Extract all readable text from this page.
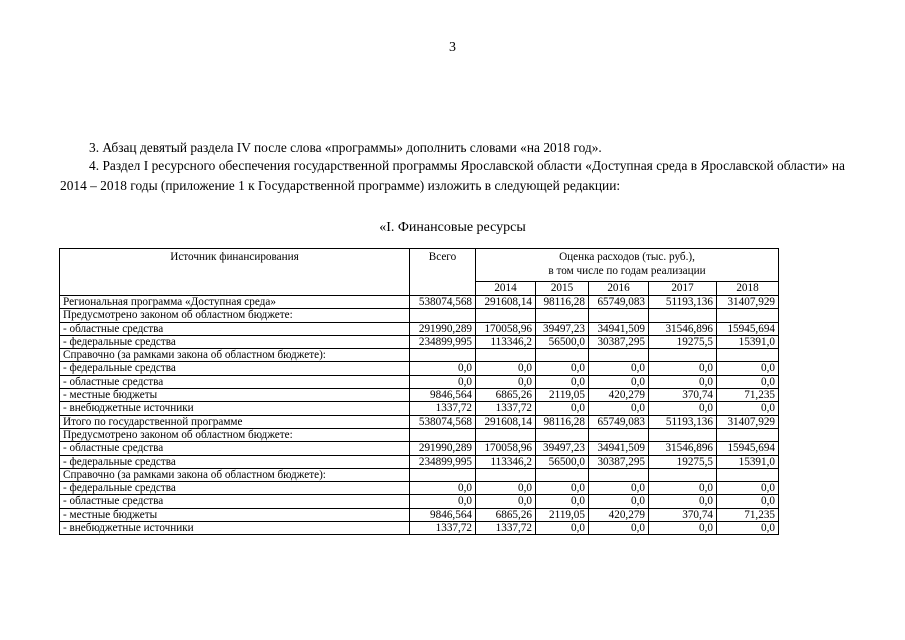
3

3. Абзац девятый раздела IV после слова «программы» дополнить словами «на 2018 год».

4. Раздел I ресурсного обеспечения государственной программы Ярославской области «Доступная среда в Ярославской области» на 2014 – 2018 годы (приложение 1 к Государственной программе) изложить в следующей редакции:

«I. Финансовые ресурсы
Источник финансирования	Всего	Оценка расходов (тыс. руб.),
в том числе по годам реализации				

		2014	2015	2016	2017	2018
Региональная программа «Доступная среда»	538074,568	291608,14	98116,28	65749,083	51193,136	31407,929
Предусмотрено законом об областном бюджете:						
- областные средства	291990,289	170058,96	39497,23	34941,509	31546,896	15945,694
- федеральные средства	234899,995	113346,2	56500,0	30387,295	19275,5	15391,0
Справочно (за рамками закона об областном бюджете):						
- федеральные средства	0,0	0,0	0,0	0,0	0,0	0,0
- областные средства	0,0	0,0	0,0	0,0	0,0	0,0
- местные бюджеты	9846,564	6865,26	2119,05	420,279	370,74	71,235
- внебюджетные источники	1337,72	1337,72	0,0	0,0	0,0	0,0
Итого по государственной программе	538074,568	291608,14	98116,28	65749,083	51193,136	31407,929
Предусмотрено законом об областном бюджете:						
- областные средства	291990,289	170058,96	39497,23	34941,509	31546,896	15945,694
- федеральные средства	234899,995	113346,2	56500,0	30387,295	19275,5	15391,0
Справочно (за рамками закона об областном бюджете):						
- федеральные средства	0,0	0,0	0,0	0,0	0,0	0,0
- областные средства	0,0	0,0	0,0	0,0	0,0	0,0
- местные бюджеты	9846,564	6865,26	2119,05	420,279	370,74	71,235
- внебюджетные источники	1337,72	1337,72	0,0	0,0	0,0	0,0
